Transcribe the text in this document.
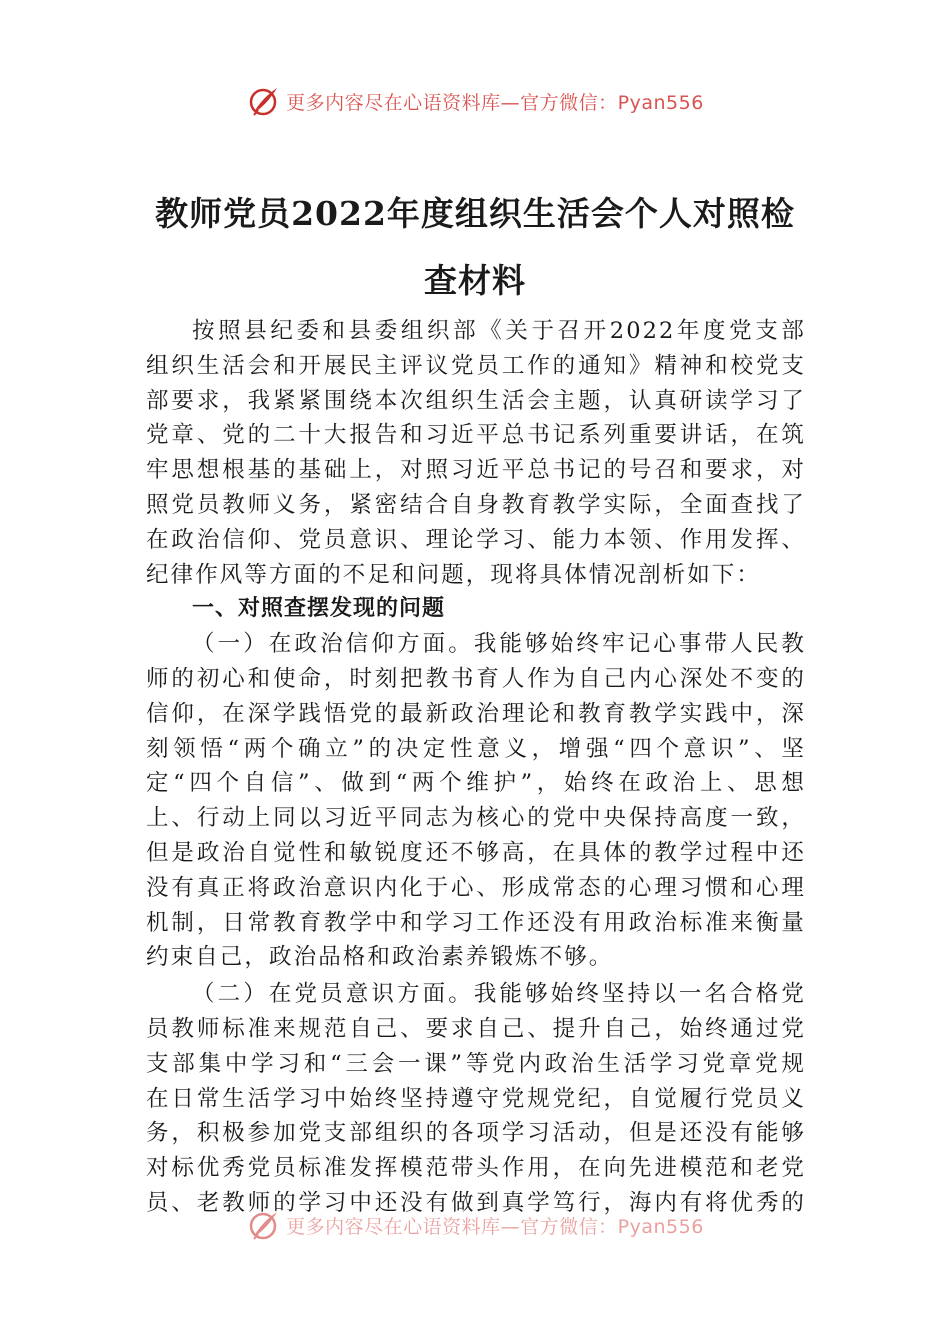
更多内容尽在心语资料库—官方微信：Pyan556
教师党员2022年度组织生活会个人对照检
查材料
按照县纪委和县委组织部《关于召开2022年度党支部
组织生活会和开展民主评议党员工作的通知》精神和校党支
部要求，我紧紧围绕本次组织生活会主题，认真研读学习了
党章、党的二十大报告和习近平总书记系列重要讲话，在筑
牢思想根基的基础上，对照习近平总书记的号召和要求，对
照党员教师义务，紧密结合自身教育教学实际，全面查找了
在政治信仰、党员意识、理论学习、能力本领、作用发挥、
纪律作风等方面的不足和问题，现将具体情况剖析如下：
一、对照查摆发现的问题
（一）在政治信仰方面。我能够始终牢记心事带人民教
师的初心和使命，时刻把教书育人作为自己内心深处不变的
信仰，在深学践悟党的最新政治理论和教育教学实践中，深
刻领悟“两个确立”的决定性意义，增强“四个意识”、坚
定“四个自信”、做到“两个维护”，始终在政治上、思想
上、行动上同以习近平同志为核心的党中央保持高度一致，
但是政治自觉性和敏锐度还不够高，在具体的教学过程中还
没有真正将政治意识内化于心、形成常态的心理习惯和心理
机制，日常教育教学中和学习工作还没有用政治标准来衡量
约束自己，政治品格和政治素养锻炼不够。
（二）在党员意识方面。我能够始终坚持以一名合格党
员教师标准来规范自己、要求自己、提升自己，始终通过党
支部集中学习和“三会一课”等党内政治生活学习党章党规
在日常生活学习中始终坚持遵守党规党纪，自觉履行党员义
务，积极参加党支部组织的各项学习活动，但是还没有能够
对标优秀党员标准发挥模范带头作用，在向先进模范和老党
员、老教师的学习中还没有做到真学笃行，海内有将优秀的
更多内容尽在心语资料库—官方微信：Pyan556
